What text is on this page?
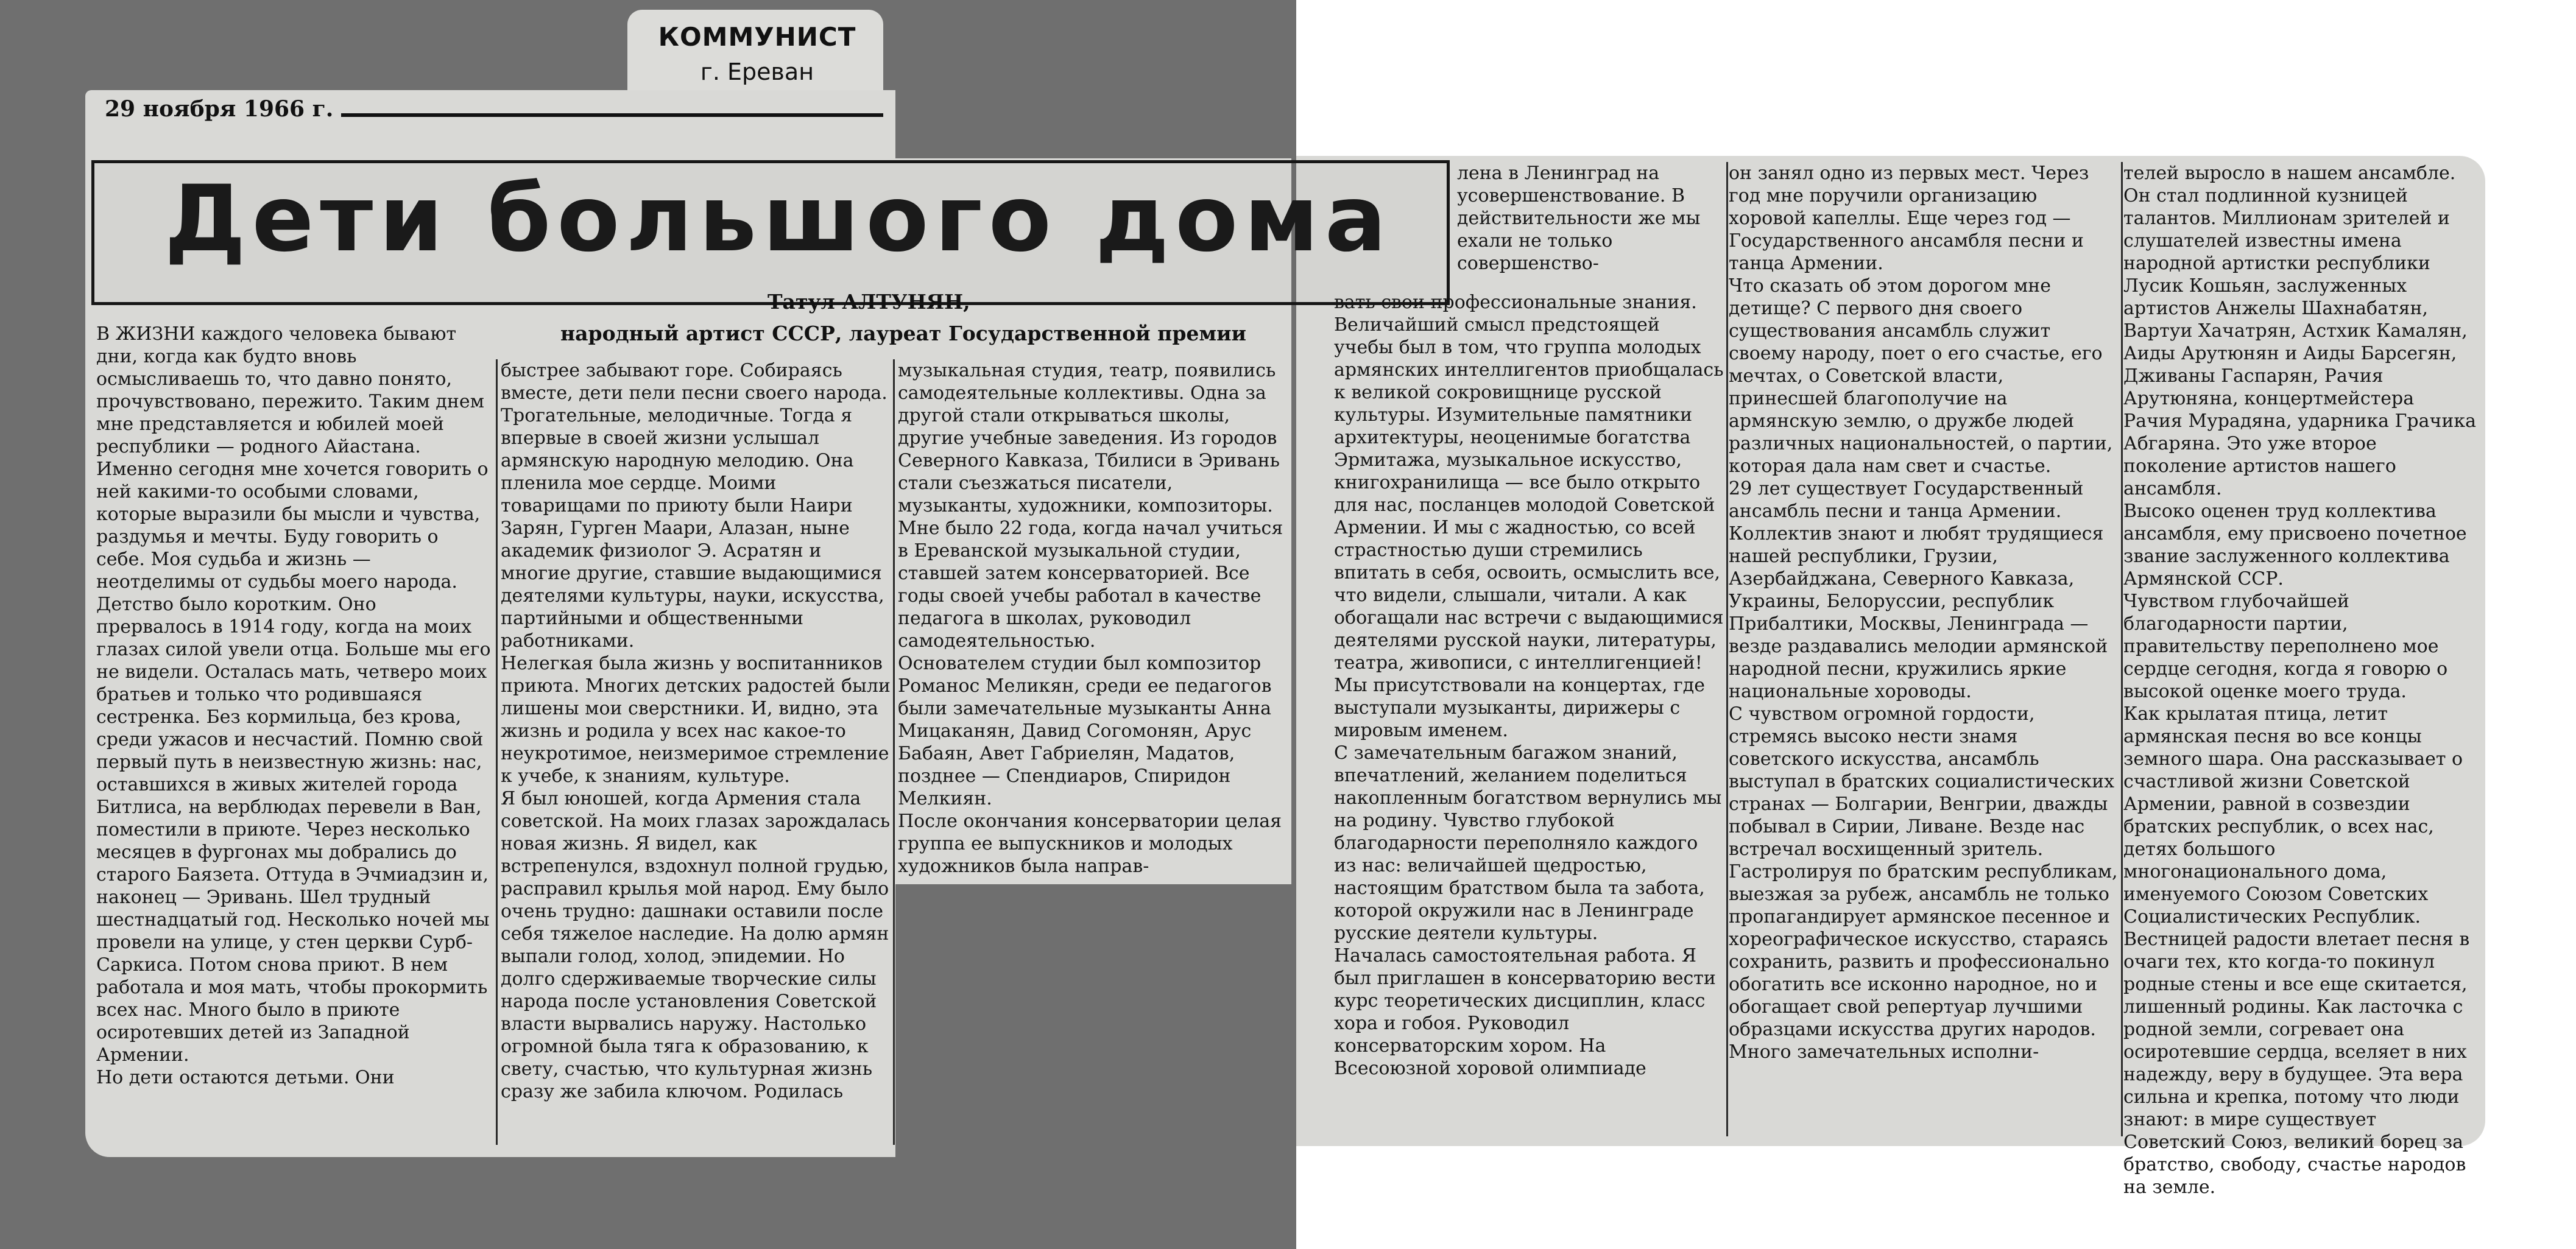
КОММУНИСТ
г. Ереван
29 ноября 1966 г.
Дети большого дома
Татул АЛТУНЯН,
народный артист СССР, лауреат Государственной премии

В ЖИЗНИ каждого человека бывают дни, когда как будто вновь осмысливаешь то, что давно понято, прочувствовано, пережито. Таким днем мне представляется и юбилей моей республики — родного Айастана. Именно сегодня мне хочется говорить о ней какими-то особыми словами, которые выразили бы мысли и чувства, раздумья и мечты. Буду говорить о себе. Моя судьба и жизнь — неотделимы от судьбы моего народа.
Детство было коротким. Оно прервалось в 1914 году, когда на моих глазах силой увели отца. Больше мы его не видели. Осталась мать, четверо моих братьев и только что родившаяся сестренка. Без кормильца, без крова, среди ужасов и несчастий. Помню свой первый путь в неизвестную жизнь: нас, оставшихся в живых жителей города Битлиса, на верблюдах перевели в Ван, поместили в приюте. Через несколько месяцев в фургонах мы добрались до старого Баязета. Оттуда в Эчмиадзин и, наконец — Эривань. Шел трудный шестнадцатый год. Несколько ночей мы провели на улице, у стен церкви Сурб-Саркиса. Потом снова приют. В нем работала и моя мать, чтобы прокормить всех нас. Много было в приюте осиротевших детей из Западной Армении.
Но дети остаются детьми. Они

быстрее забывают горе. Собираясь вместе, дети пели песни своего народа. Трогательные, мелодичные. Тогда я впервые в своей жизни услышал армянскую народную мелодию. Она пленила мое сердце. Моими товарищами по приюту были Наири Зарян, Гурген Маари, Алазан, ныне академик физиолог Э. Асратян и многие другие, ставшие выдающимися деятелями культуры, науки, искусства, партийными и общественными работниками.
Нелегкая была жизнь у воспитанников приюта. Многих детских радостей были лишены мои сверстники. И, видно, эта жизнь и родила у всех нас какое-то неукротимое, неизмеримое стремление к учебе, к знаниям, культуре.
Я был юношей, когда Армения стала советской. На моих глазах зарождалась новая жизнь. Я видел, как встрепенулся, вздохнул полной грудью, расправил крылья мой народ. Ему было очень трудно: дашнаки оставили после себя тяжелое наследие. На долю армян выпали голод, холод, эпидемии. Но долго сдерживаемые творческие силы народа после установления Советской власти вырвались наружу. Настолько огромной была тяга к образованию, к свету, счастью, что культурная жизнь сразу же забила ключом. Родилась

музыкальная студия, театр, появились самодеятельные коллективы. Одна за другой стали открываться школы, другие учебные заведения. Из городов Северного Кавказа, Тбилиси в Эривань стали съезжаться писатели, музыканты, художники, композиторы.
Мне было 22 года, когда начал учиться в Ереванской музыкальной студии, ставшей затем консерваторией. Все годы своей учебы работал в качестве педагога в школах, руководил самодеятельностью.
Основателем студии был композитор Романос Меликян, среди ее педагогов были замечательные музыканты Анна Мицаканян, Давид Согомонян, Арус Бабаян, Авет Габриелян, Мадатов, позднее — Спендиаров, Спиридон Мелкиян.
После окончания консерватории целая группа ее выпускников и молодых художников была направ-

лена в Ленинград на усовершенствование. В действительности же мы ехали не только совершенство-

вать свои профессиональные знания. Величайший смысл предстоящей учебы был в том, что группа молодых армянских интеллигентов приобщалась к великой сокровищнице русской культуры. Изумительные памятники архитектуры, неоценимые богатства Эрмитажа, музыкальное искусство, книгохранилища — все было открыто для нас, посланцев молодой Советской Армении. И мы с жадностью, со всей страстностью души стремились впитать в себя, освоить, осмыслить все, что видели, слышали, читали. А как обогащали нас встречи с выдающимися деятелями русской науки, литературы, театра, живописи, с интеллигенцией! Мы присутствовали на концертах, где выступали музыканты, дирижеры с мировым именем.
С замечательным багажом знаний, впечатлений, желанием поделиться накопленным богатством вернулись мы на родину. Чувство глубокой благодарности переполняло каждого из нас: величайшей щедростью, настоящим братством была та забота, которой окружили нас в Ленинграде русские деятели культуры.
Началась самостоятельная работа. Я был приглашен в консерваторию вести курс теоретических дисциплин, класс хора и гобоя. Руководил консерваторским хором. На Всесоюзной хоровой олимпиаде

он занял одно из первых мест. Через год мне поручили организацию хоровой капеллы. Еще через год — Государственного ансамбля песни и танца Армении.
Что сказать об этом дорогом мне детище? С первого дня своего существования ансамбль служит своему народу, поет о его счастье, его мечтах, о Советской власти, принесшей благополучие на армянскую землю, о дружбе людей различных национальностей, о партии, которая дала нам свет и счастье.
29 лет существует Государственный ансамбль песни и танца Армении. Коллектив знают и любят трудящиеся нашей республики, Грузии, Азербайджана, Северного Кавказа, Украины, Белоруссии, республик Прибалтики, Москвы, Ленинграда — везде раздавались мелодии армянской народной песни, кружились яркие национальные хороводы.
С чувством огромной гордости, стремясь высоко нести знамя советского искусства, ансамбль выступал в братских социалистических странах — Болгарии, Венгрии, дважды побывал в Сирии, Ливане. Везде нас встречал восхищенный зритель.
Гастролируя по братским республикам, выезжая за рубеж, ансамбль не только пропагандирует армянское песенное и хореографическое искусство, стараясь сохранить, развить и профессионально обогатить все исконно народное, но и обогащает свой репертуар лучшими образцами искусства других народов.
Много замечательных исполни-

телей выросло в нашем ансамбле. Он стал подлинной кузницей талантов. Миллионам зрителей и слушателей известны имена народной артистки республики Лусик Кошьян, заслуженных артистов Анжелы Шахнабатян, Вартуи Хачатрян, Астхик Камалян, Аиды Арутюнян и Аиды Барсегян, Дживаны Гаспарян, Рачия Арутюняна, концертмейстера Рачия Мурадяна, ударника Грачика Абгаряна. Это уже второе поколение артистов нашего ансамбля.
Высоко оценен труд коллектива ансамбля, ему присвоено почетное звание заслуженного коллектива Армянской ССР.
Чувством глубочайшей благодарности партии, правительству переполнено мое сердце сегодня, когда я говорю о высокой оценке моего труда.
Как крылатая птица, летит армянская песня во все концы земного шара. Она рассказывает о счастливой жизни Советской Армении, равной в созвездии братских республик, о всех нас, детях большого многонационального дома, именуемого Союзом Советских Социалистических Республик.
Вестницей радости влетает песня в очаги тех, кто когда-то покинул родные стены и все еще скитается, лишенный родины. Как ласточка с родной земли, согревает она осиротевшие сердца, вселяет в них надежду, веру в будущее. Эта вера сильна и крепка, потому что люди знают: в мире существует Советский Союз, великий борец за братство, свободу, счастье народов на земле.
